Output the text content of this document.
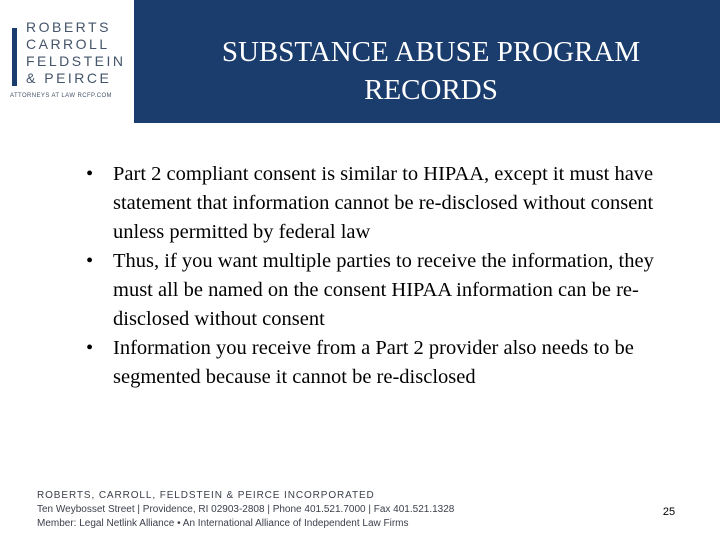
ROBERTS
CARROLL
FELDSTEIN
& PEIRCE
ATTORNEYS AT LAW RCFP.COM
SUBSTANCE ABUSE PROGRAM
RECORDS
• Part 2 compliant consent is similar to HIPAA, except it must have statement that information cannot be re-disclosed without consent unless permitted by federal law
• Thus, if you want multiple parties to receive the information, they must all be named on the consent HIPAA information can be re-disclosed without consent
• Information you receive from a Part 2 provider also needs to be segmented because it cannot be re-disclosed
ROBERTS, CARROLL, FELDSTEIN & PEIRCE INCORPORATED
Ten Weybosset Street | Providence, RI 02903-2808 | Phone 401.521.7000 | Fax 401.521.1328
Member: Legal Netlink Alliance • An International Alliance of Independent Law Firms
25
